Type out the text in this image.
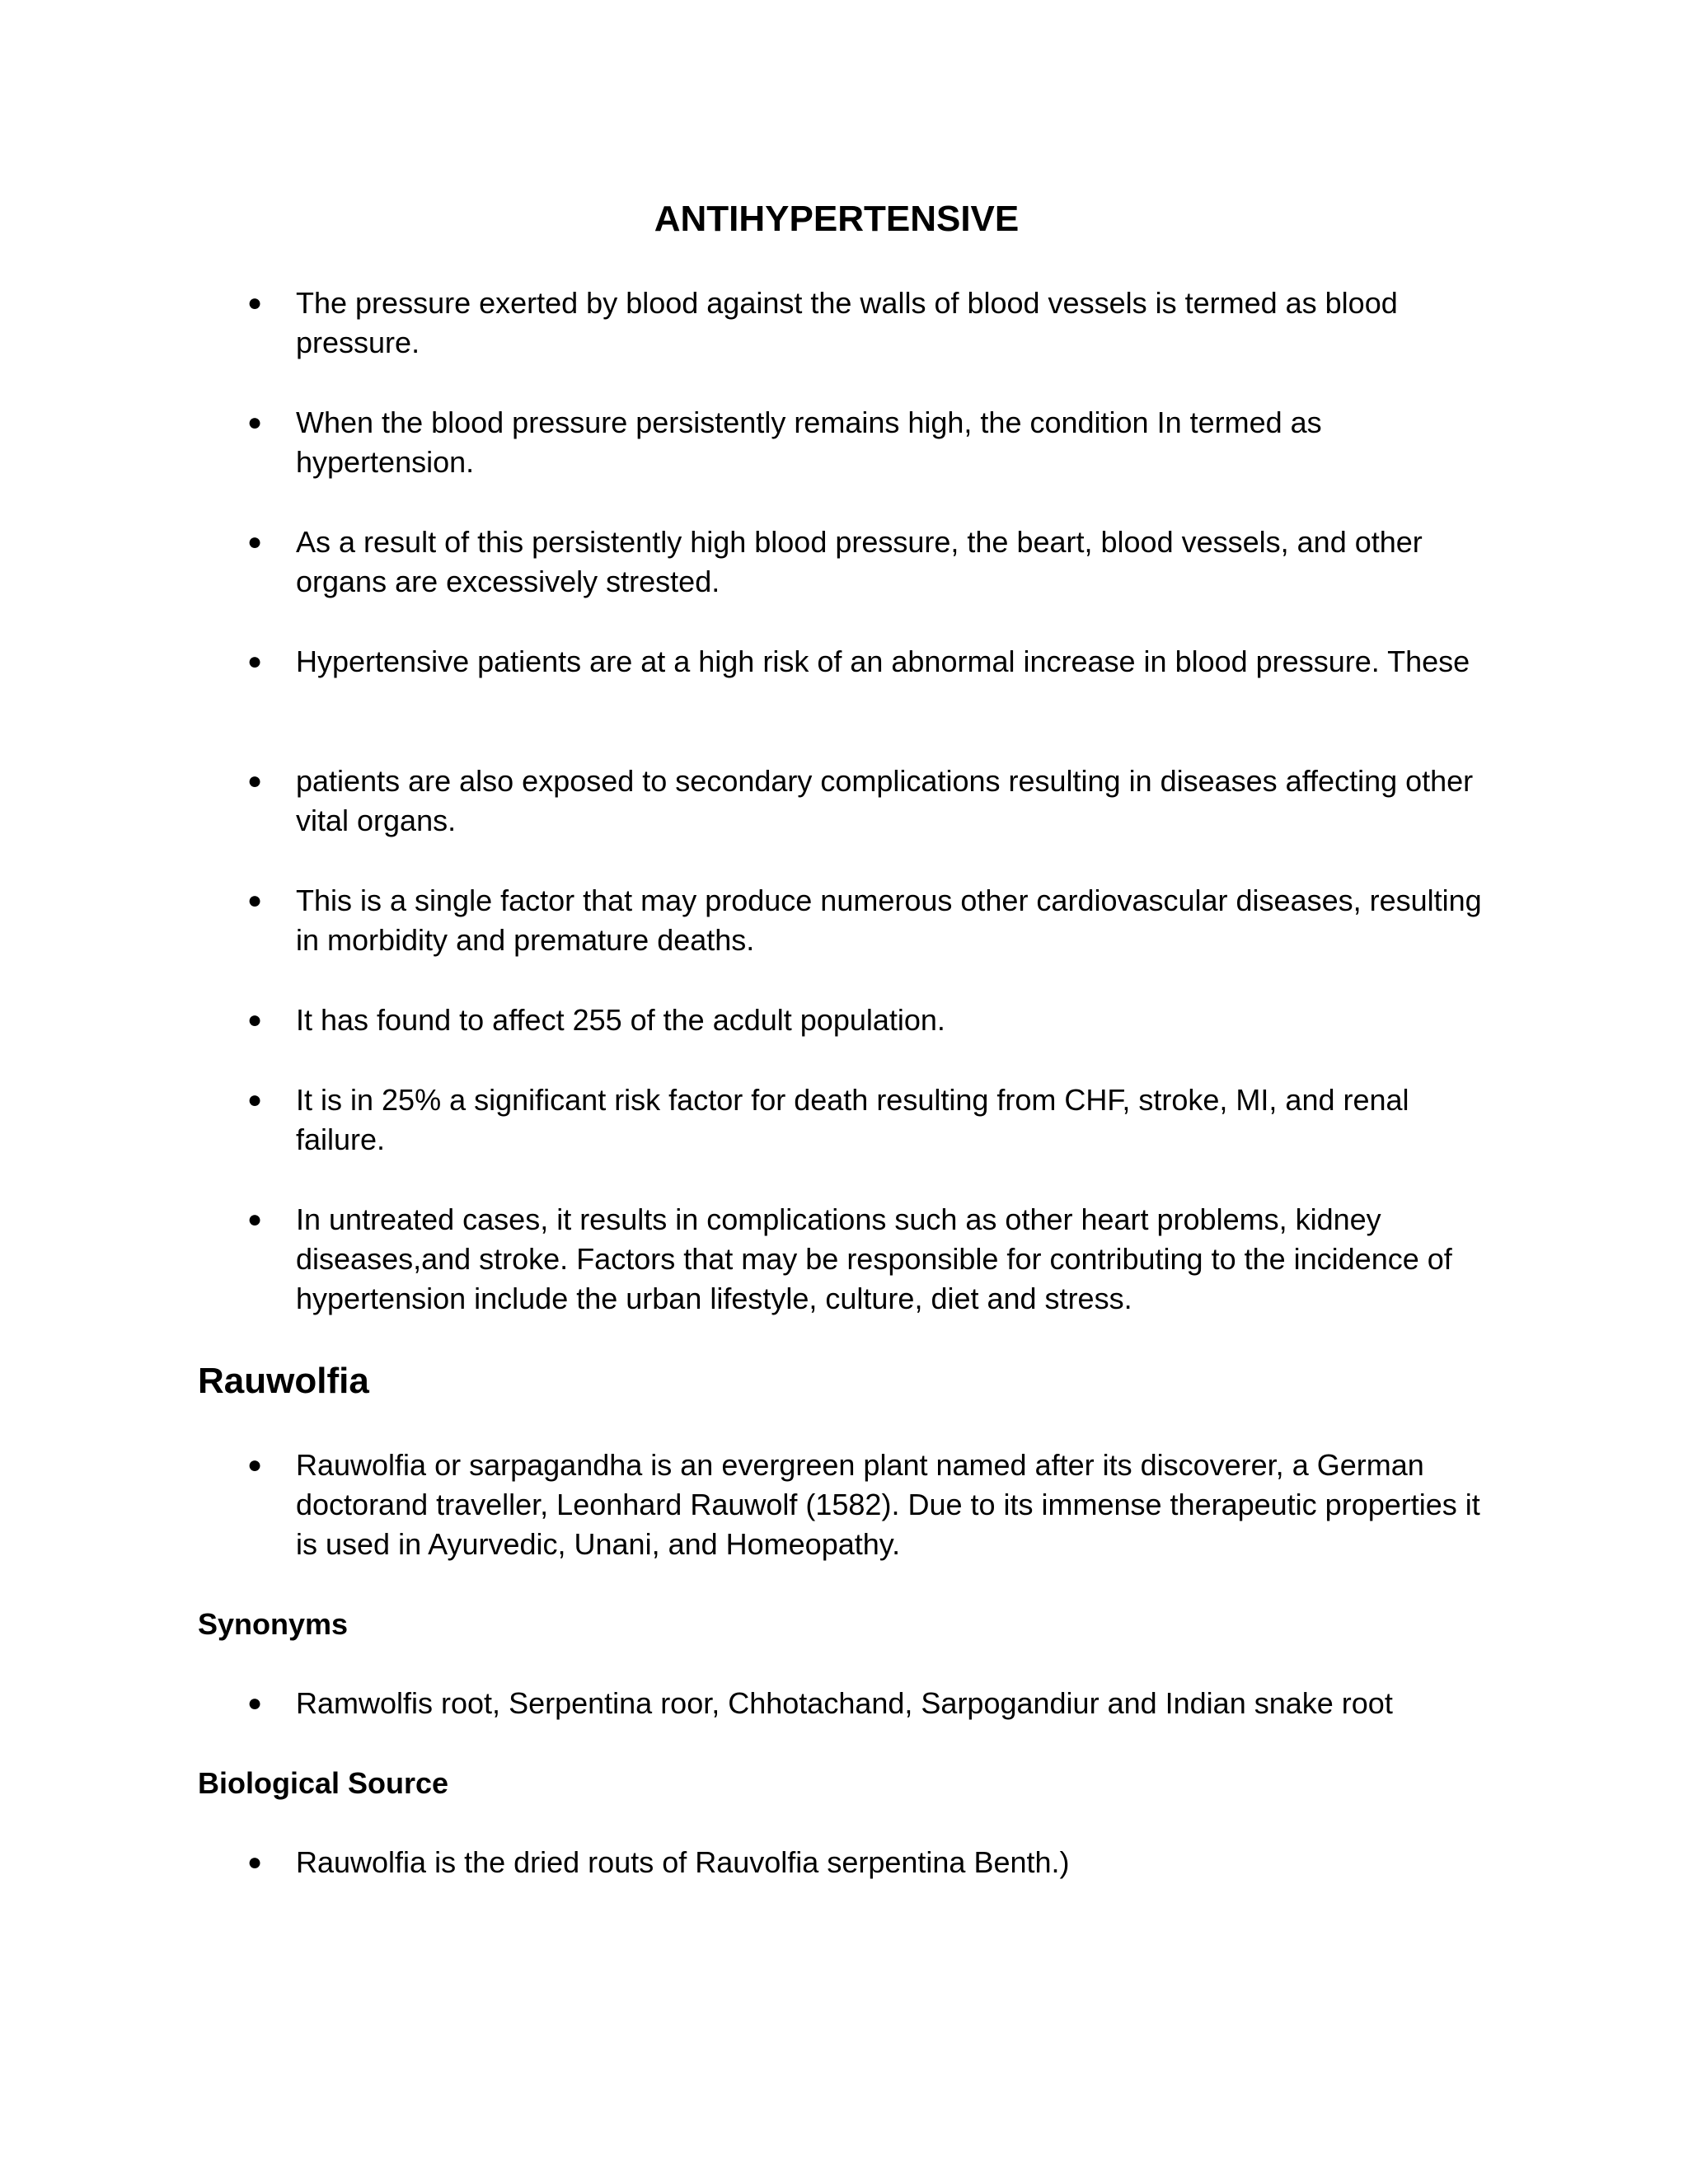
ANTIHYPERTENSIVE
● The pressure exerted by blood against the walls of blood vessels is termed as blood pressure.

● When the blood pressure persistently remains high, the condition In termed as hypertension.

● As a result of this persistently high blood pressure, the beart, blood vessels, and other organs are excessively strested.

● Hypertensive patients are at a high risk of an abnormal increase in blood pressure. These

● patients are also exposed to secondary complications resulting in diseases affecting other vital organs.

● This is a single factor that may produce numerous other cardiovascular diseases, resulting in morbidity and premature deaths.

● It has found to affect 255 of the acdult population.

● It is in 25% a significant risk factor for death resulting from CHF, stroke, MI, and renal failure.

● In untreated cases, it results in complications such as other heart problems, kidney diseases,and stroke. Factors that may be responsible for contributing to the incidence of hypertension include the urban lifestyle, culture, diet and stress.

Rauwolfia
● Rauwolfia or sarpagandha is an evergreen plant named after its discoverer, a German doctorand traveller, Leonhard Rauwolf (1582). Due to its immense therapeutic properties it is used in Ayurvedic, Unani, and Homeopathy.

Synonyms
● Ramwolfis root, Serpentina roor, Chhotachand, Sarpogandiur and Indian snake root

Biological Source
● Rauwolfia is the dried routs of Rauvolfia serpentina Benth.)
